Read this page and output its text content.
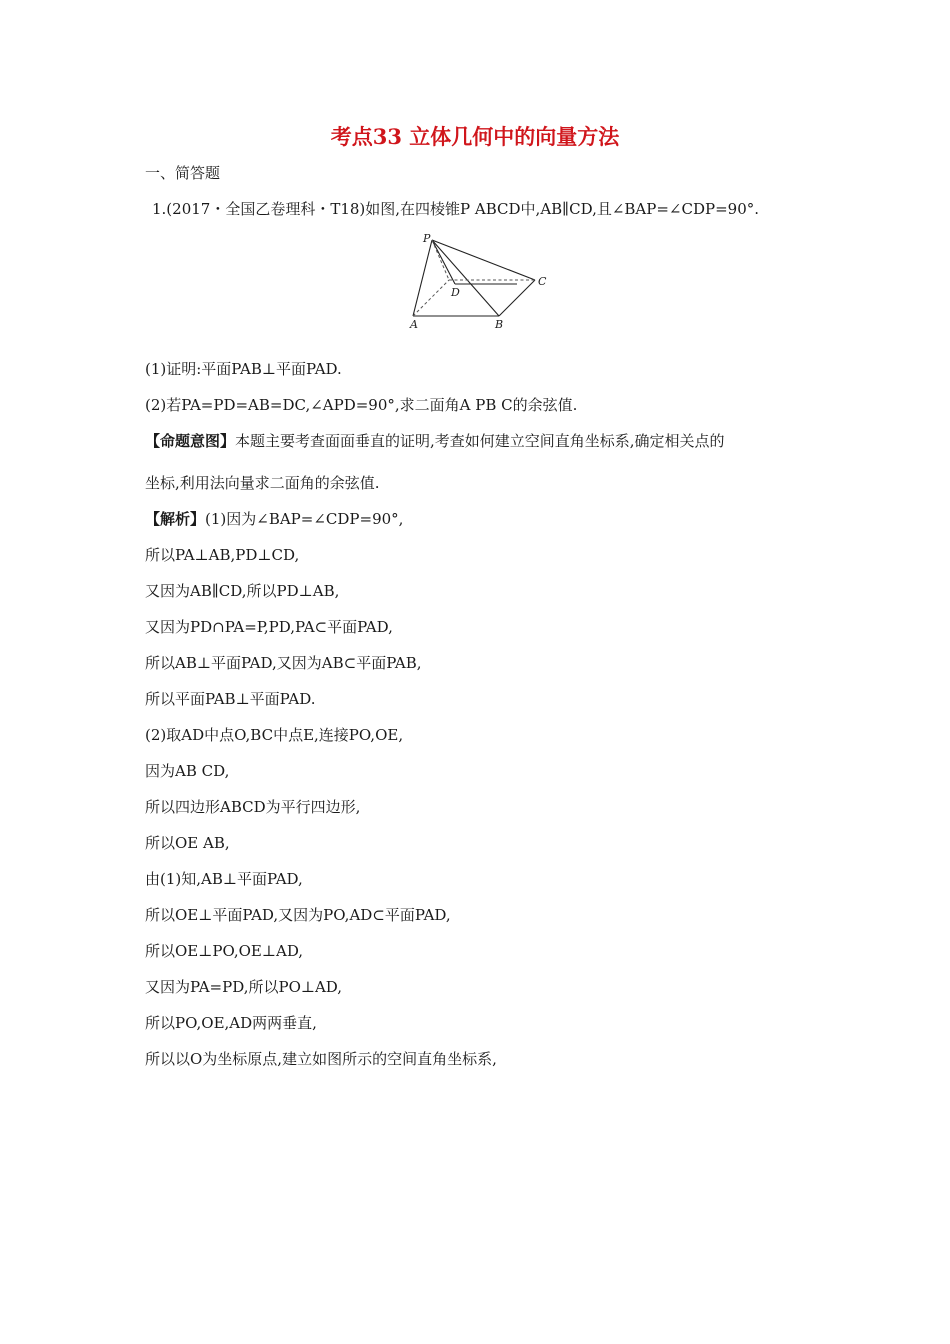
考点33 立体几何中的向量方法
一、简答题
1.(2017・全国乙卷理科・T18)如图,在四棱锥P ABCD中,AB∥CD,且∠BAP=∠CDP=90°.
P
D
C
A	B
(1)证明:平面PAB⊥平面PAD.
(2)若PA=PD=AB=DC,∠APD=90°,求二面角A PB C的余弦值.
【命题意图】本题主要考查面面垂直的证明,考查如何建立空间直角坐标系,确定相关点的
坐标,利用法向量求二面角的余弦值.
【解析】(1)因为∠BAP=∠CDP=90°,
所以PA⊥AB,PD⊥CD,
又因为AB∥CD,所以PD⊥AB,
又因为PD∩PA=P,PD,PA⊂平面PAD,
所以AB⊥平面PAD,又因为AB⊂平面PAB,
所以平面PAB⊥平面PAD.
(2)取AD中点O,BC中点E,连接PO,OE,
因为AB CD,
所以四边形ABCD为平行四边形,
所以OE AB,
由(1)知,AB⊥平面PAD,
所以OE⊥平面PAD,又因为PO,AD⊂平面PAD,
所以OE⊥PO,OE⊥AD,
又因为PA=PD,所以PO⊥AD,
所以PO,OE,AD两两垂直,
所以以O为坐标原点,建立如图所示的空间直角坐标系,
